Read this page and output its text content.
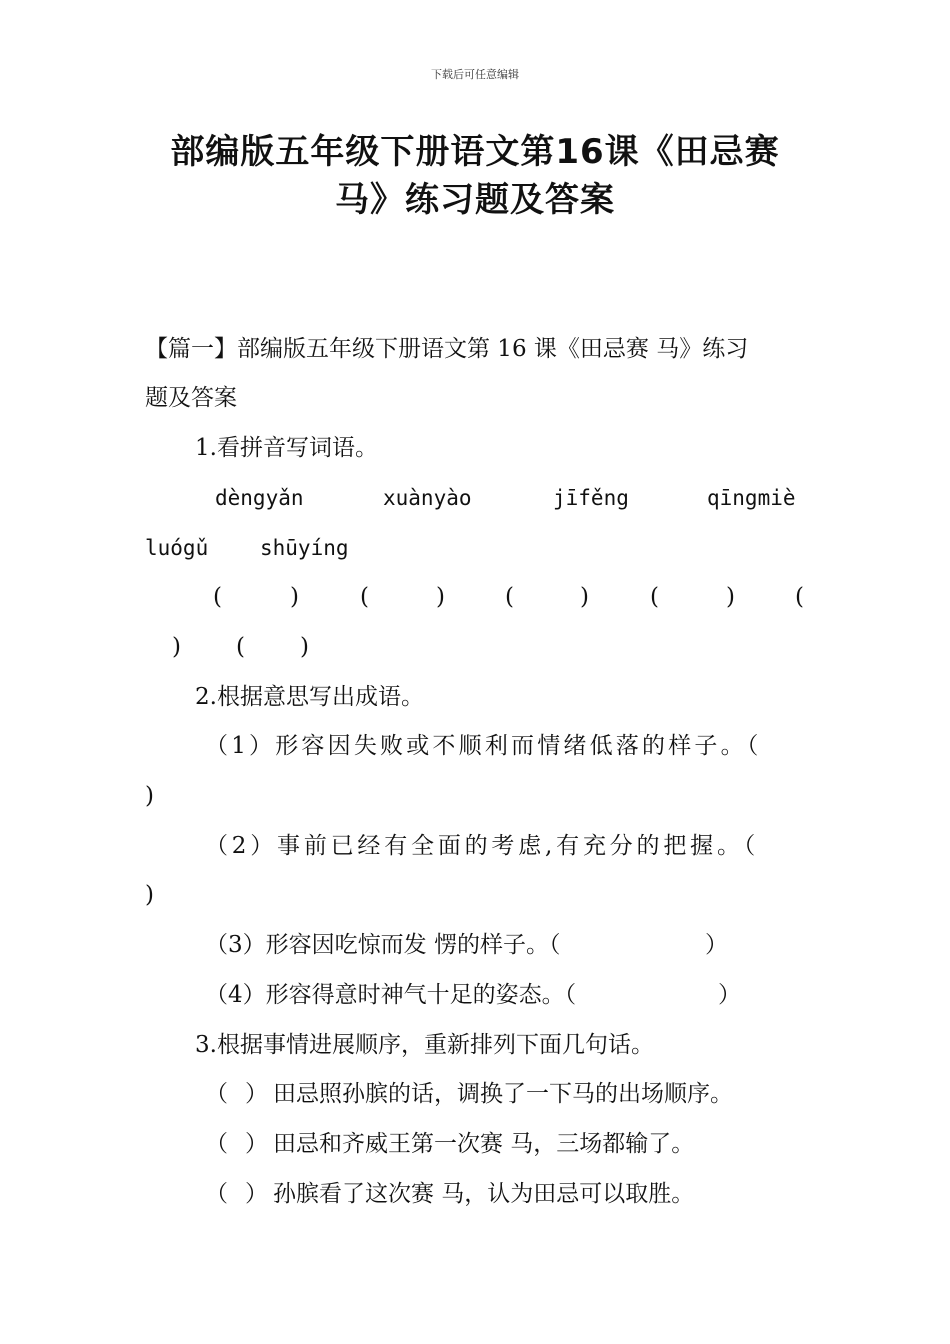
下载后可任意编辑
部编版五年级下册语文第16课《田忌赛
马》练习题及答案
【篇一】部编版五年级下册语文第 16 课《田忌赛 马》练习
题及答案
1.看拼音写词语。
dèngyǎn	xuànyào	jīfěng	qīngmiè
luógǔ shūyíng
(	)	(	)	(	)	(	)	(
) ( )
2.根据意思写出成语。
（1）形容因失败或不顺利而情绪低落的样子。（
)
（2）事前已经有全面的考虑,有充分的把握。（
)
（3）形容因吃惊而发 愣的样子。（	）
（4）形容得意时神气十足的姿态。（	）
3.根据事情进展顺序，重新排列下面几句话。
（ ） 田忌照孙膑的话，调换了一下马的出场顺序。
（ ） 田忌和齐威王第一次赛 马，三场都输了。
（ ） 孙膑看了这次赛 马，认为田忌可以取胜。
